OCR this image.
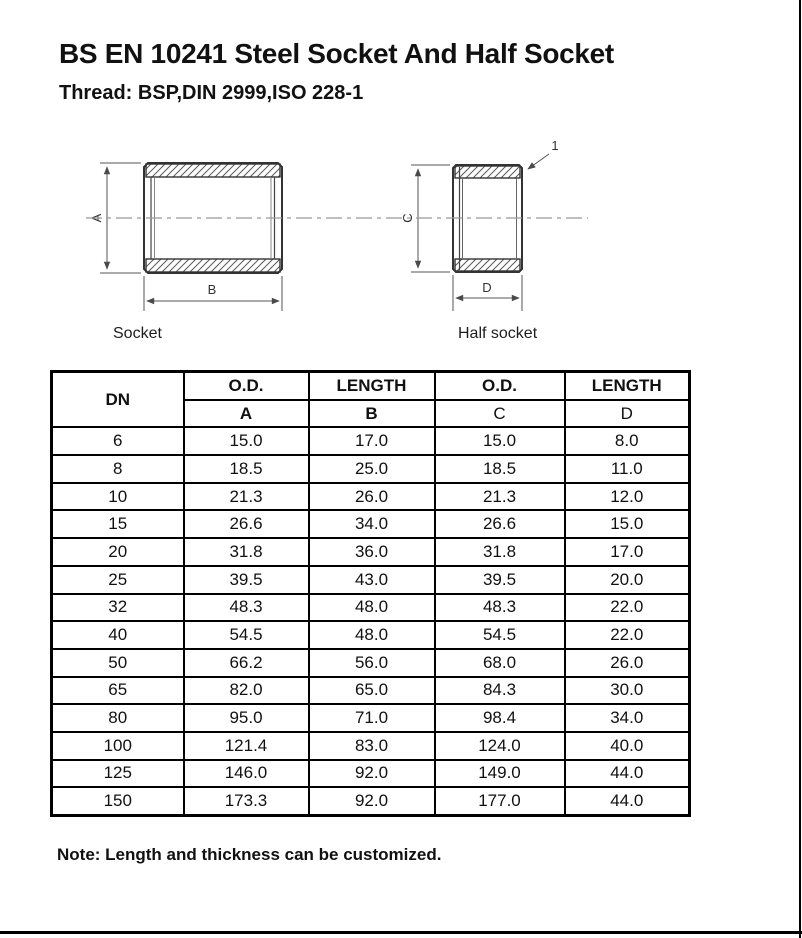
BS EN 10241 Steel Socket And Half Socket
Thread: BSP,DIN 2999,ISO 228-1
A
B
C
D
1
Socket	Half socket
DN	O.D.	LENGTH	O.D.	LENGTH
	A	B	C	D
6	15.0	17.0	15.0	8.0
8	18.5	25.0	18.5	11.0
10	21.3	26.0	21.3	12.0
15	26.6	34.0	26.6	15.0
20	31.8	36.0	31.8	17.0
25	39.5	43.0	39.5	20.0
32	48.3	48.0	48.3	22.0
40	54.5	48.0	54.5	22.0
50	66.2	56.0	68.0	26.0
65	82.0	65.0	84.3	30.0
80	95.0	71.0	98.4	34.0
100	121.4	83.0	124.0	40.0
125	146.0	92.0	149.0	44.0
150	173.3	92.0	177.0	44.0
Note: Length and thickness can be customized.
